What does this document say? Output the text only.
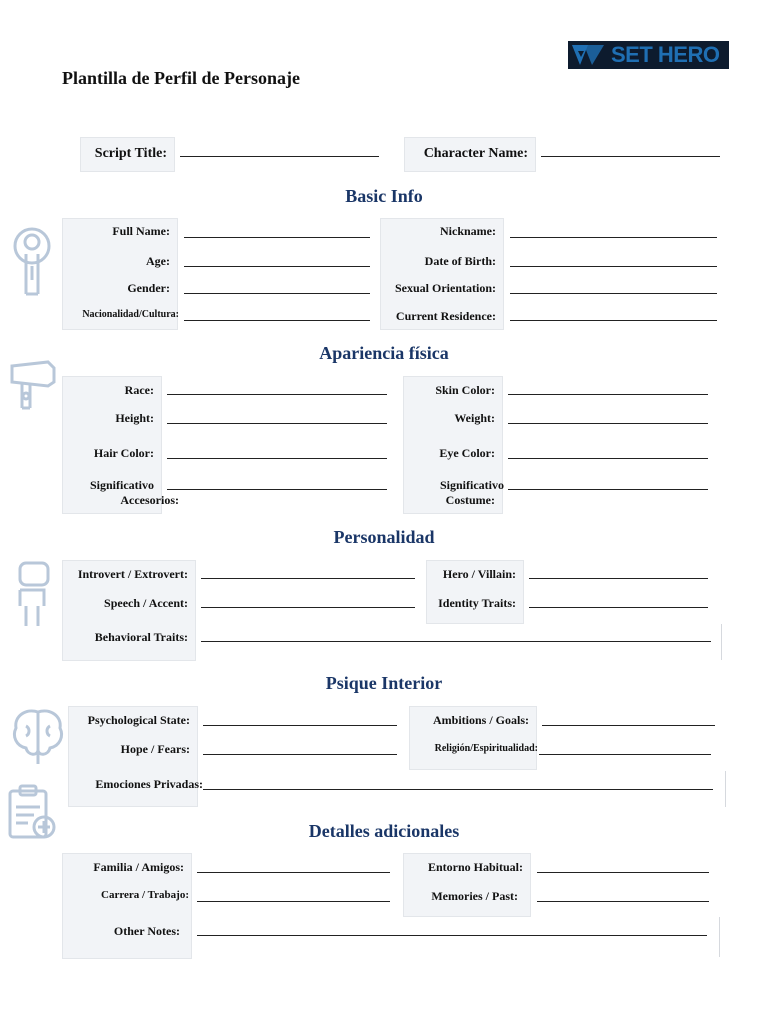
Plantilla de Perfil de Personaje
SET HERO
Script Title:	Character Name:
Basic Info
Full Name:
Age:
Gender:
Nacionalidad/Cultura:
Nickname:
Date of Birth:
Sexual Orientation:
Current Residence:
Apariencia física
Race:
Height:
Hair Color:
Significativo
Accesorios:
Skin Color:
Weight:
Eye Color:
Significativo
Costume:
Personalidad
Introvert / Extrovert:
Speech / Accent:
Behavioral Traits:
Hero / Villain:
Identity Traits:
Psique Interior
Psychological State:
Hope / Fears:
Emociones Privadas:
Ambitions / Goals:
Religión/Espiritualidad:
Detalles adicionales
Familia / Amigos:
Carrera / Trabajo:
Other Notes:
Entorno Habitual:
Memories / Past:
